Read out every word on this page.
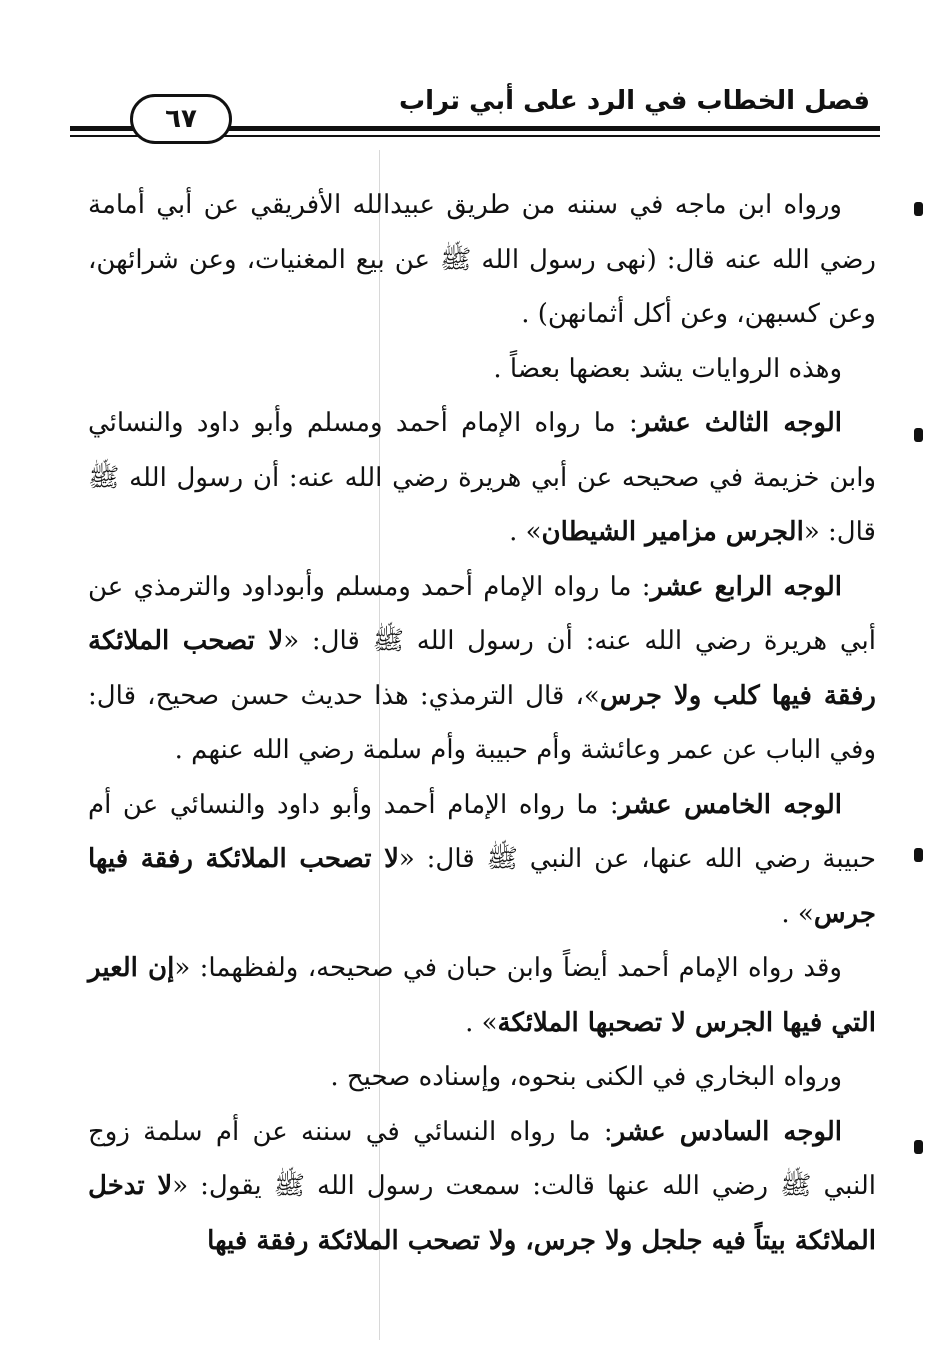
فصل الخطاب في الرد على أبي تراب
٦٧

ورواه ابن ماجه في سننه من طريق عبيدالله الأفريقي عن أبي أمامة رضي الله عنه قال: (نهى رسول الله ﷺ عن بيع المغنيات، وعن شرائهن، وعن كسبهن، وعن أكل أثمانهن) .

وهذه الروايات يشد بعضها بعضاً .

الوجه الثالث عشر: ما رواه الإمام أحمد ومسلم وأبو داود والنسائي وابن خزيمة في صحيحه عن أبي هريرة رضي الله عنه: أن رسول الله ﷺ قال: «الجرس مزامير الشيطان» .

الوجه الرابع عشر: ما رواه الإمام أحمد ومسلم وأبوداود والترمذي عن أبي هريرة رضي الله عنه: أن رسول الله ﷺ قال: «لا تصحب الملائكة رفقة فيها كلب ولا جرس»، قال الترمذي: هذا حديث حسن صحيح، قال: وفي الباب عن عمر وعائشة وأم حبيبة وأم سلمة رضي الله عنهم .

الوجه الخامس عشر: ما رواه الإمام أحمد وأبو داود والنسائي عن أم حبيبة رضي الله عنها، عن النبي ﷺ قال: «لا تصحب الملائكة رفقة فيها جرس» .

وقد رواه الإمام أحمد أيضاً وابن حبان في صحيحه، ولفظهما: «إن العير التي فيها الجرس لا تصحبها الملائكة» .

ورواه البخاري في الكنى بنحوه، وإسناده صحيح .

الوجه السادس عشر: ما رواه النسائي في سننه عن أم سلمة زوج النبي ﷺ رضي الله عنها قالت: سمعت رسول الله ﷺ يقول: «لا تدخل الملائكة بيتاً فيه جلجل ولا جرس، ولا تصحب الملائكة رفقة فيها
